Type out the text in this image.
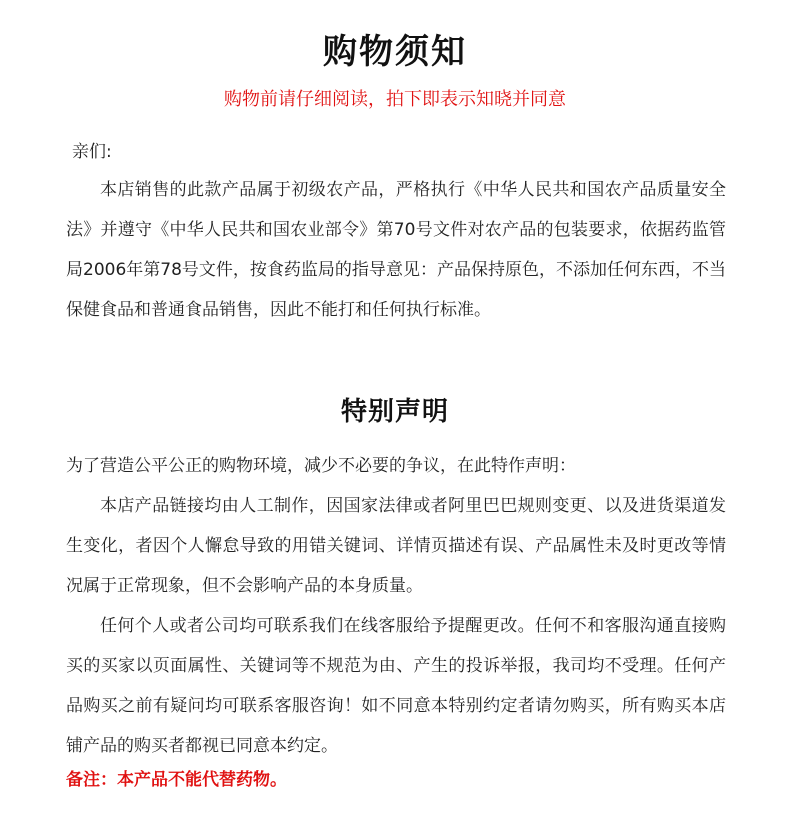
购物须知

购物前请仔细阅读，拍下即表示知晓并同意

亲们:

本店销售的此款产品属于初级农产品，严格执行《中华人民共和国农产品质量安全法》并遵守《中华人民共和国农业部令》第70号文件对农产品的包装要求，依据药监管局2006年第78号文件，按食药监局的指导意见：产品保持原色，不添加任何东西，不当保健食品和普通食品销售，因此不能打和任何执行标准。

特别声明

为了营造公平公正的购物环境，减少不必要的争议，在此特作声明：

本店产品链接均由人工制作，因国家法律或者阿里巴巴规则变更、以及进货渠道发生变化，者因个人懈怠导致的用错关键词、详情页描述有误、产品属性未及时更改等情况属于正常现象，但不会影响产品的本身质量。

任何个人或者公司均可联系我们在线客服给予提醒更改。任何不和客服沟通直接购买的买家以页面属性、关键词等不规范为由、产生的投诉举报，我司均不受理。任何产品购买之前有疑问均可联系客服咨询！如不同意本特别约定者请勿购买，所有购买本店铺产品的购买者都视已同意本约定。

备注：本产品不能代替药物。
